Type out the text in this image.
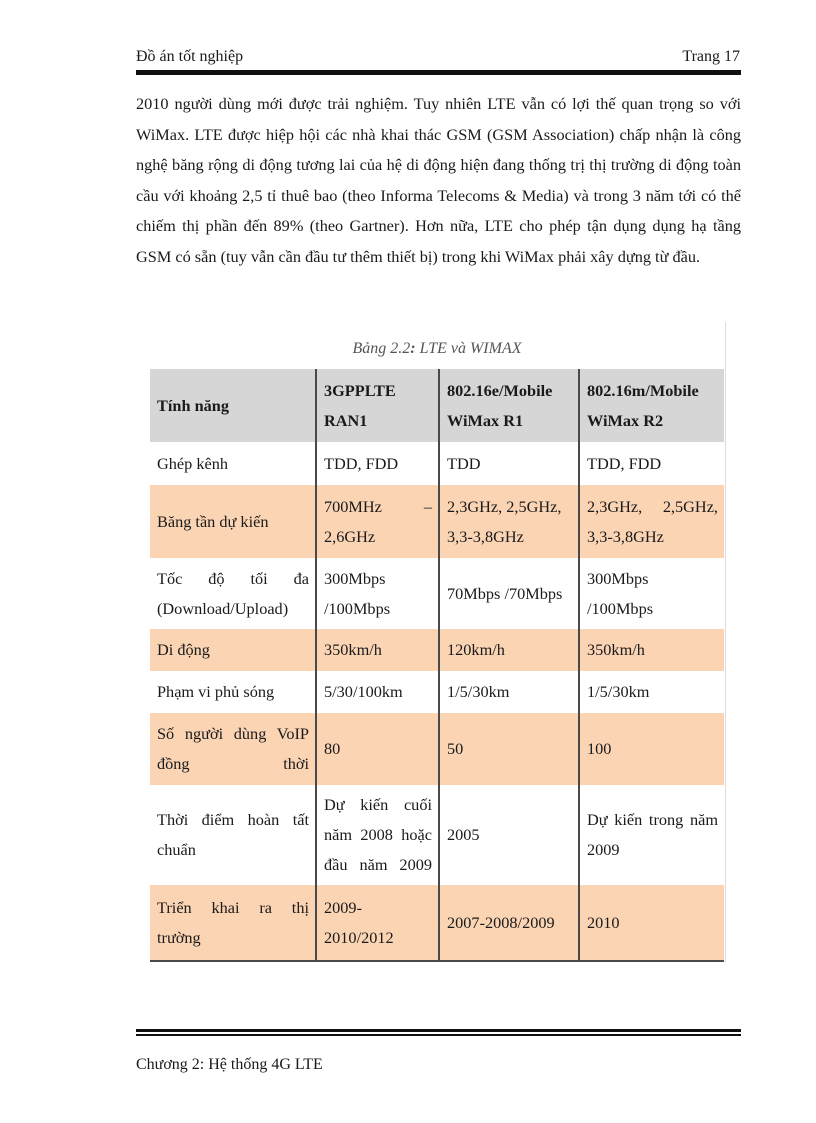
Đồ án tốt nghiệp	Trang 17
2010 người dùng mới được trải nghiệm. Tuy nhiên LTE vẫn có lợi thế quan trọng so với WiMax. LTE được hiệp hội các nhà khai thác GSM (GSM Association) chấp nhận là công nghệ băng rộng di động tương lai của hệ di động hiện đang thống trị thị trường di động toàn cầu với khoảng 2,5 tỉ thuê bao (theo Informa Telecoms & Media) và trong 3 năm tới có thể chiếm thị phần đến 89% (theo Gartner). Hơn nữa, LTE cho phép tận dụng dụng hạ tầng GSM có sẵn (tuy vẫn cần đầu tư thêm thiết bị) trong khi WiMax phải xây dựng từ đầu.
Bảng 2.2: LTE và WIMAX
Tính năng	3GPPLTE RAN1	802.16e/Mobile WiMax R1	802.16m/Mobile WiMax R2
Ghép kênh	TDD, FDD	TDD	TDD, FDD
Băng tần dự kiến	700MHz – 2,6GHz	2,3GHz, 2,5GHz, 3,3-3,8GHz	2,3GHz, 2,5GHz, 3,3-3,8GHz
Tốc độ tối đa (Download/Upload)	300Mbps /100Mbps	70Mbps /70Mbps	300Mbps /100Mbps
Di động	350km/h	120km/h	350km/h
Phạm vi phủ sóng	5/30/100km	1/5/30km	1/5/30km
Số người dùng VoIP đồng thời	80	50	100
Thời điểm hoàn tất chuẩn	Dự kiến cuối năm 2008 hoặc đầu năm 2009	2005	Dự kiến trong năm 2009
Triển khai ra thị trường	2009- 2010/2012	2007-2008/2009	2010
Chương 2: Hệ thống 4G LTE
